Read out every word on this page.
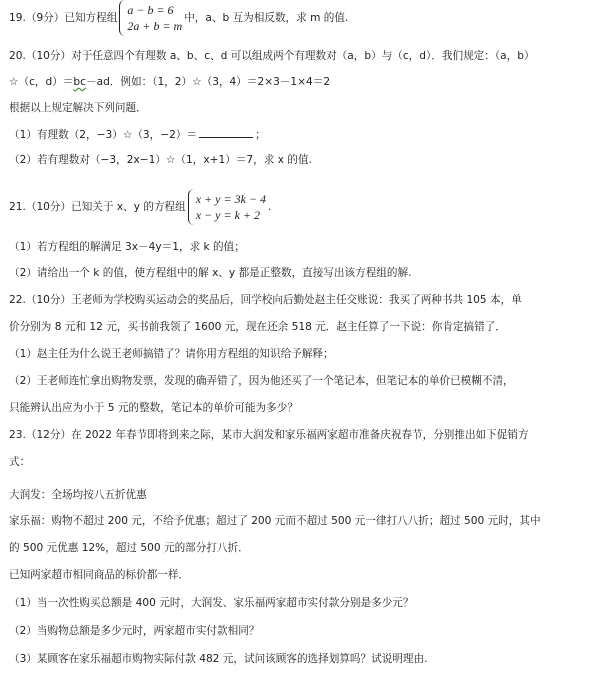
19.（9分）已知方程组
a − b = 6
2a + b = m
中，a、b 互为相反数，求 m 的值.
20.（10分）对于任意四个有理数 a、b、c、d 可以组成两个有理数对（a，b）与（c，d）．我们规定：（a，b）
☆（c，d）＝bc－ad．例如：（1，2）☆（3，4）＝2×3－1×4＝2
根据以上规定解决下列问题．
（1）有理数（2，−3）☆（3，−2）＝	；
（2）若有理数对（−3，2x−1）☆（1，x+1）＝7，求 x 的值.
21.（10分）已知关于 x、y 的方程组
x + y = 3k − 4
x − y = k + 2
.
（1）若方程组的解满足 3x－4y＝1，求 k 的值；
（2）请给出一个 k 的值，使方程组中的解 x、y 都是正整数，直接写出该方程组的解.
22.（10分）王老师为学校购买运动会的奖品后，回学校向后勤处赵主任交账说：我买了两种书共 105 本，单
价分别为 8 元和 12 元，买书前我领了 1600 元，现在还余 518 元．赵主任算了一下说：你肯定搞错了．
（1）赵主任为什么说王老师搞错了？请你用方程组的知识给予解释；
（2）王老师连忙拿出购物发票，发现的确弄错了，因为他还买了一个笔记本，但笔记本的单价已模糊不清，
只能辨认出应为小于 5 元的整数，笔记本的单价可能为多少？
23.（12分）在 2022 年春节即将到来之际，某市大润发和家乐福两家超市准备庆祝春节，分别推出如下促销方
式：
大润发：全场均按八五折优惠
家乐福：购物不超过 200 元，不给予优惠；超过了 200 元而不超过 500 元一律打八八折；超过 500 元时，其中
的 500 元优惠 12%，超过 500 元的部分打八折．
已知两家超市相同商品的标价都一样．
（1）当一次性购买总额是 400 元时，大润发、家乐福两家超市实付款分别是多少元？
（2）当购物总额是多少元时，两家超市实付款相同？
（3）某顾客在家乐福超市购物实际付款 482 元，试问该顾客的选择划算吗？试说明理由.
